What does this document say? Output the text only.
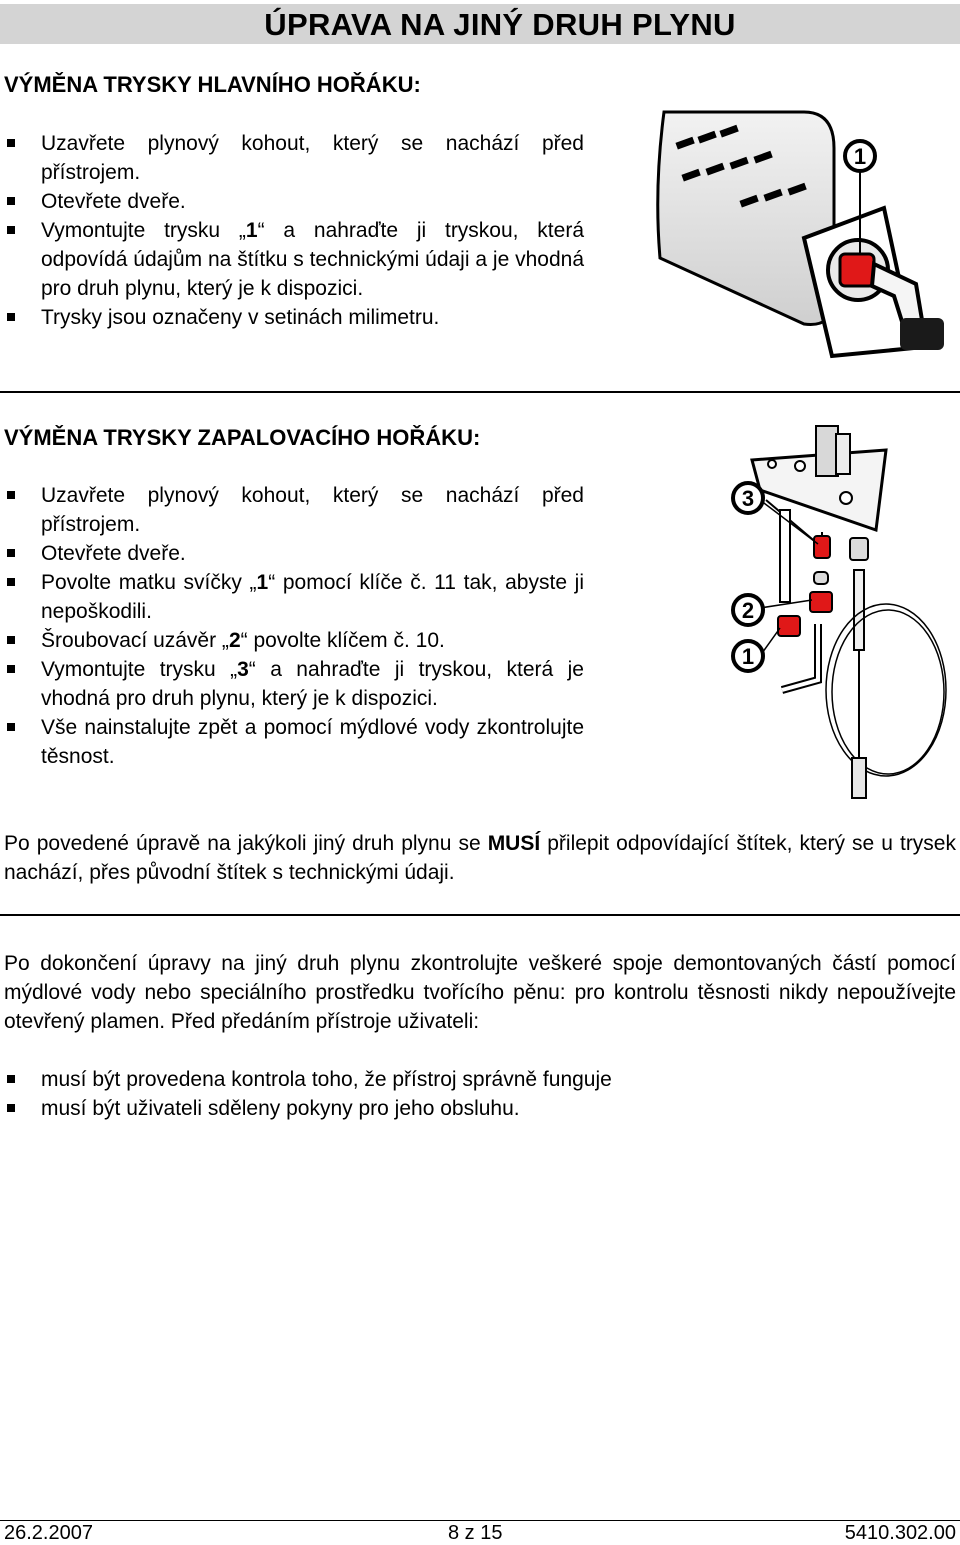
ÚPRAVA NA JINÝ DRUH PLYNU
VÝMĚNA TRYSKY HLAVNÍHO HOŘÁKU:
Uzavřete plynový kohout, který se nachází před přístrojem.
Otevřete dveře.
Vymontujte trysku „1“ a nahraďte ji tryskou, která odpovídá údajům na štítku s technickými údaji a je vhodná pro druh plynu, který je k dispozici.
Trysky jsou označeny v setinách milimetru.
1
VÝMĚNA TRYSKY ZAPALOVACÍHO HOŘÁKU:
Uzavřete plynový kohout, který se nachází před přístrojem.
Otevřete dveře.
Povolte matku svíčky „1“ pomocí klíče č. 11 tak, abyste ji nepoškodili.
Šroubovací uzávěr „2“ povolte klíčem č. 10.
Vymontujte trysku „3“ a nahraďte ji tryskou, která je vhodná pro druh plynu, který je k dispozici.
Vše nainstalujte zpět a pomocí mýdlové vody zkontrolujte těsnost.
3
2
1

Po povedené úpravě na jakýkoli jiný druh plynu se MUSÍ přilepit odpovídající štítek, který se u trysek nachází, přes původní štítek s technickými údaji.

Po dokončení úpravy na jiný druh plynu zkontrolujte veškeré spoje demontovaných částí pomocí mýdlové vody nebo speciálního prostředku tvořícího pěnu: pro kontrolu těsnosti nikdy nepoužívejte otevřený plamen. Před předáním přístroje uživateli:

musí být provedena kontrola toho, že přístroj správně funguje
musí být uživateli sděleny pokyny pro jeho obsluhu.
26.2.2007	8 z 15	5410.302.00
